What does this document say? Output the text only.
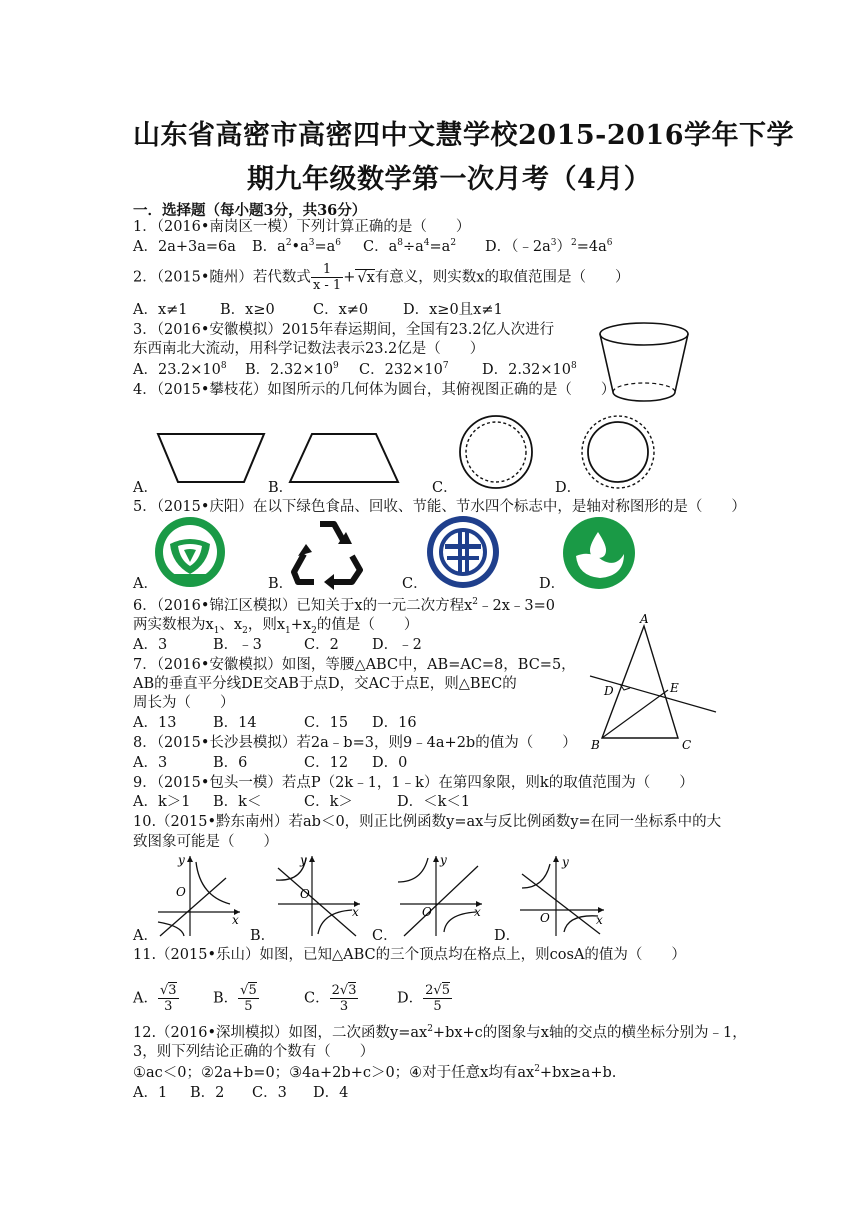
山东省高密市高密四中文慧学校2015-2016学年下学
期九年级数学第一次月考（4月）
一．选择题（每小题3分，共36分）
1．（2016•南岗区一模）下列计算正确的是（　　）
A．2a+3a=6a B．$a^2•a^3=a^6$ C．$a^8\div a^4=a^2$ D．$(﹣2a^3)^2=4a^6$
2．（2015•随州）若代数式 $\frac{1}{x - 1} + √x$有意义，则实数x的取值范围是（　　）
A．x≠1 B．x≥0	C．x≠0 D．x≥0且x≠1
3．（2016•安徽模拟）2015年春运期间，全国有23.2亿人次进行
东西南北大流动，用科学记数法表示23.2亿是（　　）
A．$23.2\times 10^8$ B．$2.32\times 10^9$ C．$232\times 10^7$ D．$2.32\times 10^8$
4．（2015•攀枝花）如图所示的几何体为圆台，其俯视图正确的是（　　）
A．	B．	C．	D．
5．（2015•庆阳）在以下绿色食品、回收、节能、节水四个标志中，是轴对称图形的是（　　）
A．	B．	C．	D．
6．（2016•锦江区模拟）已知关于x的一元二次方程$x^2﹣2x﹣3=0$
两实数根为$x_1$、$x_2$，则$x_1+x_2$的值是（　　）
A．3	B．﹣3	C．2 D．﹣2
A
B	C
D	E
7．（2016•安徽模拟）如图，等腰△ABC中，AB=AC=8，BC=5，
AB的垂直平分线DE交AB于点D，交AC于点E，则△BEC的
周长为（　　）
A．13	B．14	C．15 D．16
8．（2015•长沙县模拟）若2a﹣b=3，则9﹣4a+2b的值为（　　）
A．3	B．6	C．12 D．0
9．（2015•包头一模）若点P（2k﹣1，1﹣k）在第四象限，则k的取值范围为（　　）
A．k＞1 B．k＜	C．k＞	D．＜k＜1
10.（2015•黔东南州）若ab＜0，则正比例函数y=ax与反比例函数y=在同一坐标系中的大
致图象可能是（　　）
y
x
O
y
x
O
y
x
O
y
x
O
A．	B．	C．	D．
11.（2015•乐山）如图，已知△ABC的三个顶点均在格点上，则cosA的值为（　　）
A． $\frac{√3}{3}$ B． $\frac{√5}{5}$	C． $\frac{2√3}{3}$	D． $\frac{2√5}{5}$
12.（2016•深圳模拟）如图，二次函数$y=ax^2+bx+c$的图象与x轴的交点的横坐标分别为﹣1，
3，则下列结论正确的个数有（　　）
①ac＜0；②2a+b=0；③4a+2b+c＞0；④对于任意x均有$ax^2+bx\ge a+b$.
A．1 B．2 C．3 D．4
